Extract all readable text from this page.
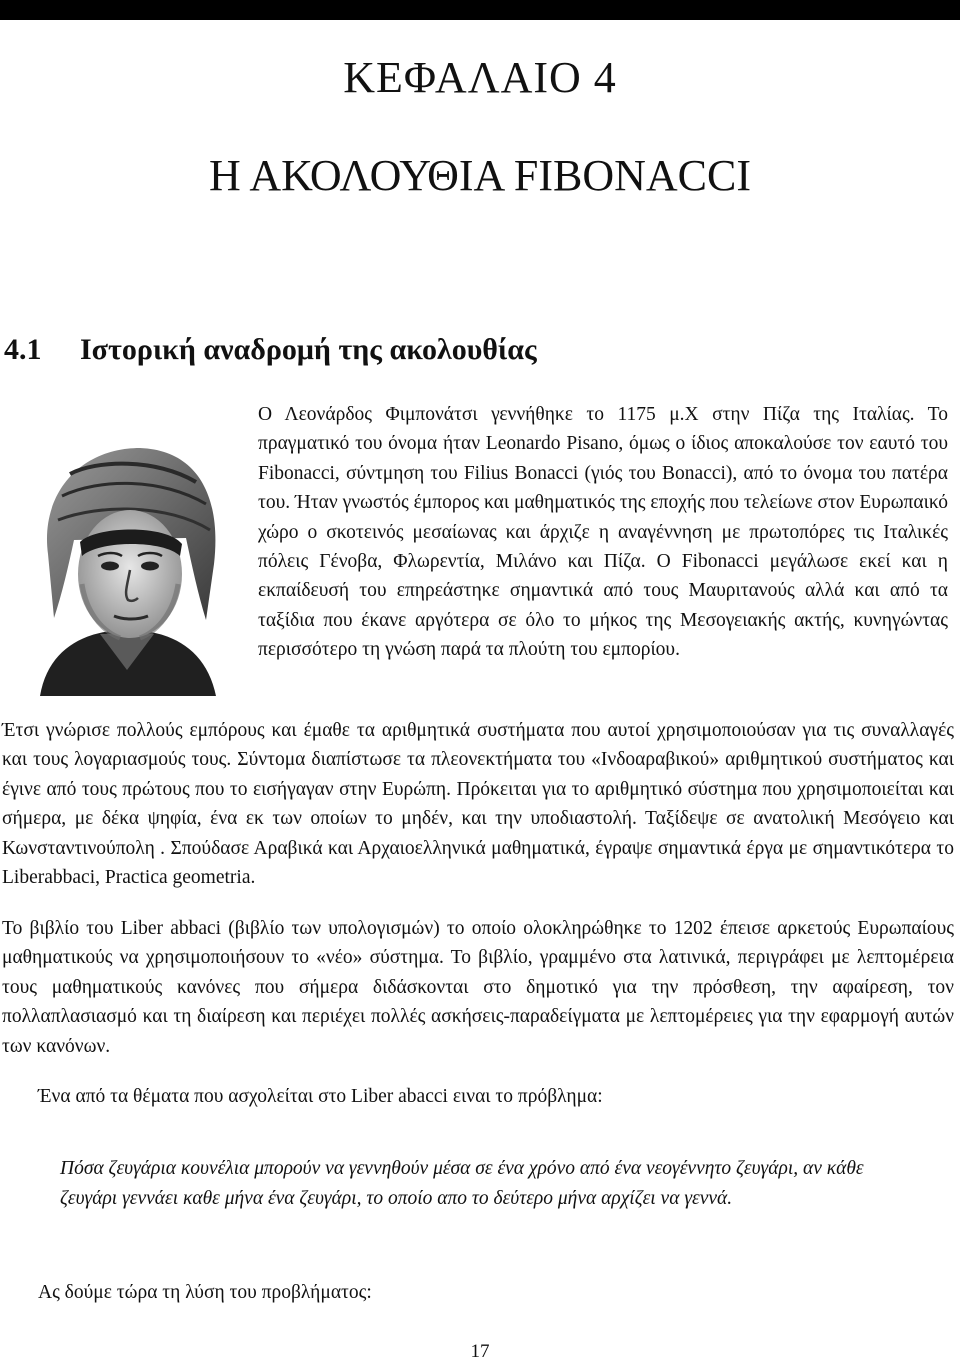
ΚΕΦΑΛΑΙΟ 4
Η ΑΚΟΛΟΥΘΙΑ FIBONACCI
4.1 Ιστορική αναδρομή της ακολουθίας

Ο Λεονάρδος Φιμπονάτσι γεννήθηκε το 1175 μ.Χ στην Πίζα της Ιταλίας. Το πραγματικό του όνομα ήταν Leonardo Pisano, όμως ο ίδιος αποκαλούσε τον εαυτό του Fibonacci, σύντμηση του Filius Bonacci (γιός του Bonacci), από το όνομα του πατέρα του. Ήταν γνωστός έμπορος και μαθηματικός της εποχής που τελείωνε στον Ευρωπαικό χώρο ο σκοτεινός μεσαίωνας και άρχιζε η αναγέννηση με πρωτοπόρες τις Ιταλικές πόλεις Γένοβα, Φλωρεντία, Μιλάνο και Πίζα. Ο Fibonacci μεγάλωσε εκεί και η εκπαίδευσή του επηρεάστηκε σημαντικά από τους Μαυριτανούς αλλά και από τα ταξίδια που έκανε αργότερα σε όλο το μήκος της Μεσογειακής ακτής, κυνηγώντας περισσότερο τη γνώση παρά τα πλούτη του εμπορίου.

Έτσι γνώρισε πολλούς εμπόρους και έμαθε τα αριθμητικά συστήματα που αυτοί χρησιμοποιούσαν για τις συναλλαγές και τους λογαριασμούς τους. Σύντομα διαπίστωσε τα πλεονεκτήματα του «Ινδοαραβικού» αριθμητικού συστήματος και έγινε από τους πρώτους που το εισήγαγαν στην Ευρώπη. Πρόκειται για το αριθμητικό σύστημα που χρησιμοποιείται και σήμερα, με δέκα ψηφία, ένα εκ των οποίων το μηδέν, και την υποδιαστολή. Ταξίδεψε σε ανατολική Μεσόγειο και Κωνσταντινούπολη . Σπούδασε Αραβικά και Αρχαιοελληνικά μαθηματικά, έγραψε σημαντικά έργα με σημαντικότερα το Liberabbaci, Practica geometria.

Το βιβλίο του Liber abbaci (βιβλίο των υπολογισμών) το οποίο ολοκληρώθηκε το 1202 έπεισε αρκετούς Ευρωπαίους μαθηματικούς να χρησιμοποιήσουν το «νέο» σύστημα. Το βιβλίο, γραμμένο στα λατινικά, περιγράφει με λεπτομέρεια τους μαθηματικούς κανόνες που σήμερα διδάσκονται στο δημοτικό για την πρόσθεση, την αφαίρεση, τον πολλαπλασιασμό και τη διαίρεση και περιέχει πολλές ασκήσεις-παραδείγματα με λεπτομέρειες για την εφαρμογή αυτών των κανόνων.

Ένα από τα θέματα που ασχολείται στο Liber abacci ειναι το πρόβλημα:

Πόσα ζευγάρια κουνέλια μπορούν να γεννηθούν μέσα σε ένα χρόνο από ένα νεογέννητο ζευγάρι, αν κάθε ζευγάρι γεννάει καθε μήνα ένα ζευγάρι, το οποίο απο το δεύτερο μήνα αρχίζει να γεννά.

Ας δούμε τώρα τη λύση του προβλήματος:

17
